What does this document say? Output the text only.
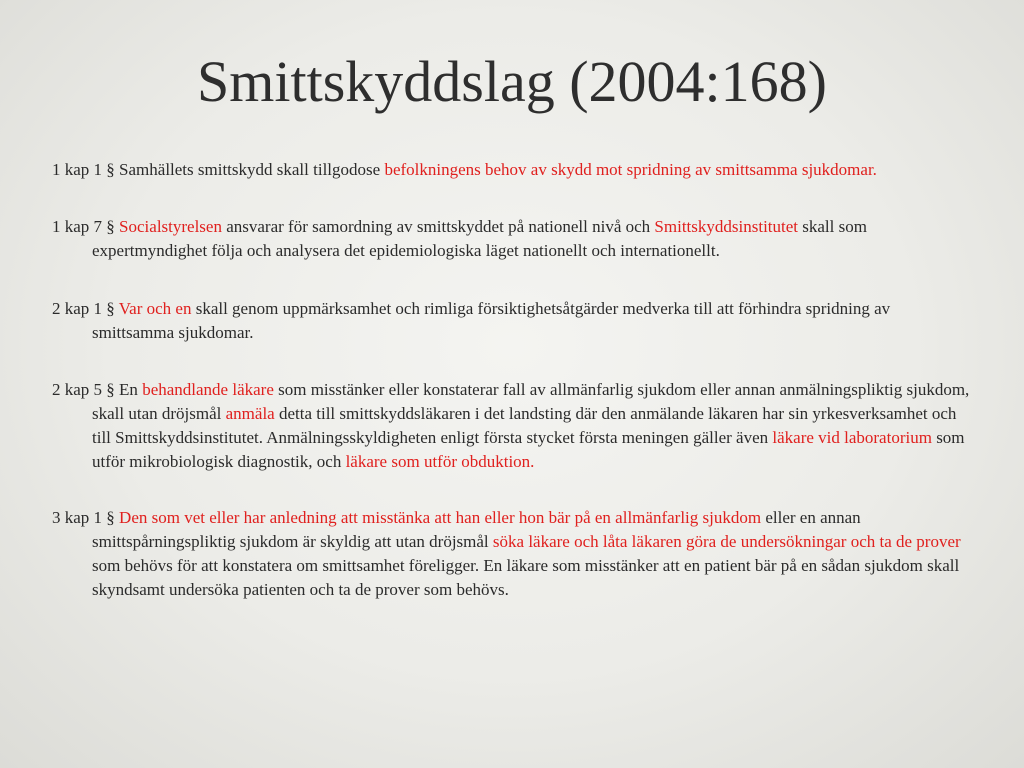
Smittskyddslag (2004:168)

1 kap 1 § Samhällets smittskydd skall tillgodose befolkningens behov av skydd mot spridning av smittsamma sjukdomar.

1 kap 7 § Socialstyrelsen ansvarar för samordning av smittskyddet på nationell nivå och Smittskyddsinstitutet skall som expertmyndighet följa och analysera det epidemiologiska läget nationellt och internationellt.

2 kap 1 § Var och en skall genom uppmärksamhet och rimliga försiktighetsåtgärder medverka till att förhindra spridning av smittsamma sjukdomar.

2 kap 5 § En behandlande läkare som misstänker eller konstaterar fall av allmänfarlig sjukdom eller annan anmälningspliktig sjukdom, skall utan dröjsmål anmäla detta till smittskyddsläkaren i det landsting där den anmälande läkaren har sin yrkesverksamhet och till Smittskyddsinstitutet. Anmälningsskyldigheten enligt första stycket första meningen gäller även läkare vid laboratorium som utför mikrobiologisk diagnostik, och läkare som utför obduktion.

3 kap 1 § Den som vet eller har anledning att misstänka att han eller hon bär på en allmänfarlig sjukdom eller en annan smittspårningspliktig sjukdom är skyldig att utan dröjsmål söka läkare och låta läkaren göra de undersökningar och ta de prover som behövs för att konstatera om smittsamhet föreligger. En läkare som misstänker att en patient bär på en sådan sjukdom skall skyndsamt undersöka patienten och ta de prover som behövs.
